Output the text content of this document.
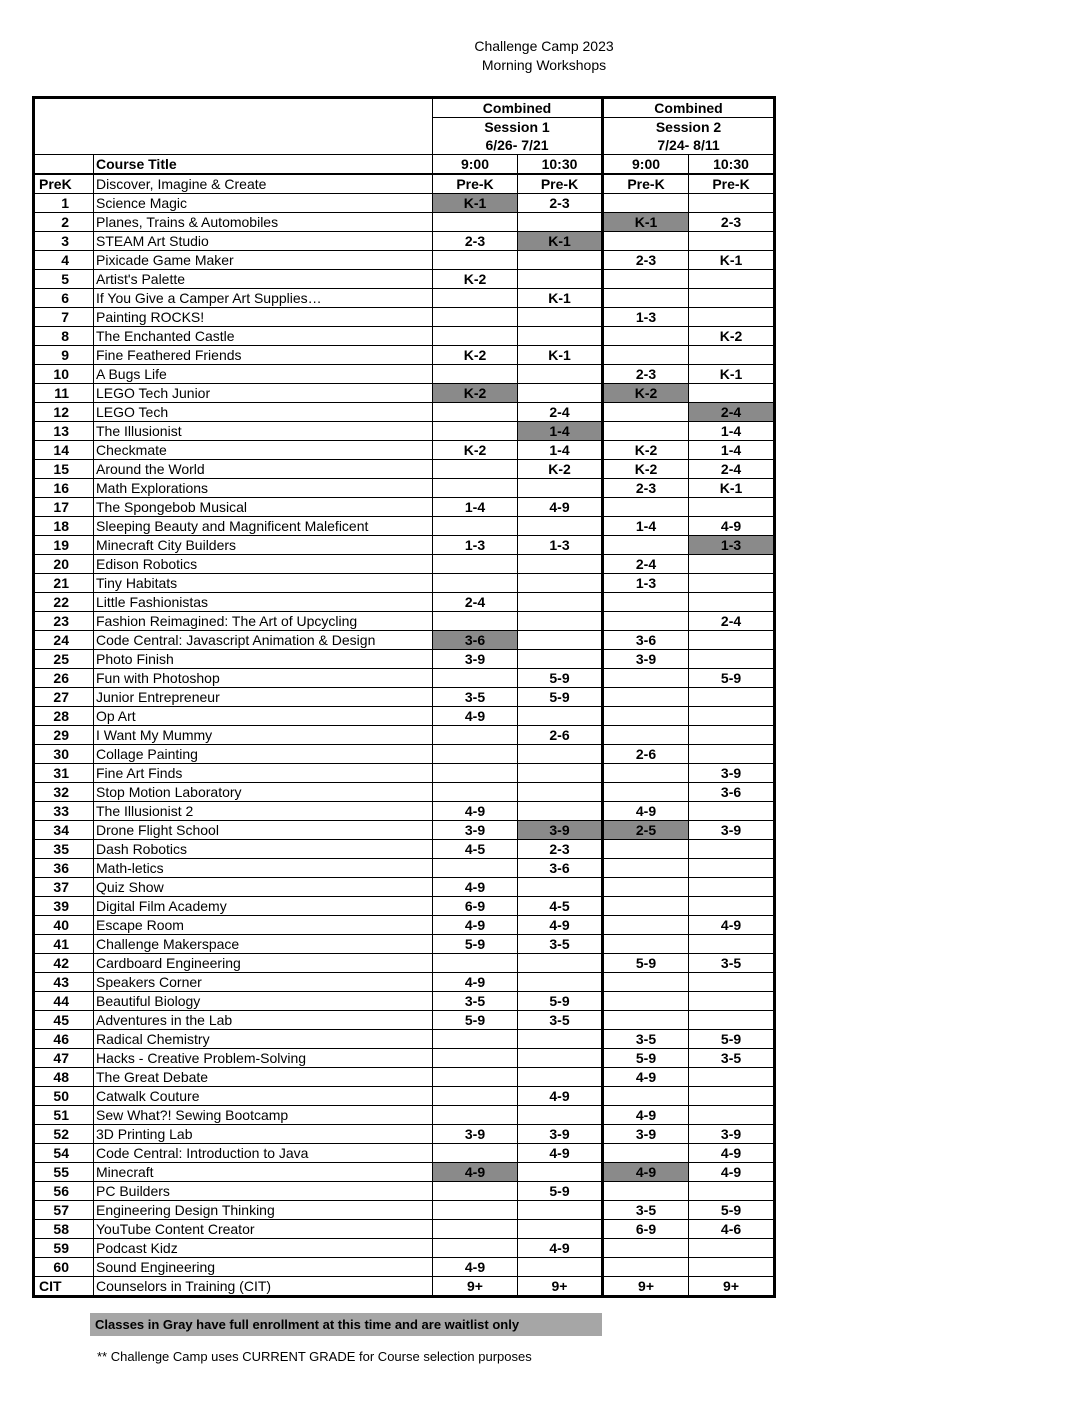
Challenge Camp 2023
Morning Workshops
		Combined		Combined	
		Session 1		Session 2	
		6/26- 7/21		7/24- 8/11	
	Course Title	9:00	10:30	9:00	10:30
PreK	Discover, Imagine & Create	Pre-K	Pre-K	Pre-K	Pre-K
1	Science Magic	K-1	2-3		
2	Planes, Trains & Automobiles			K-1	2-3
3	STEAM Art Studio	2-3	K-1		
4	Pixicade Game Maker			2-3	K-1
5	Artist's Palette	K-2			
6	If You Give a Camper Art Supplies…		K-1		
7	Painting ROCKS!			1-3	
8	The Enchanted Castle				K-2
9	Fine Feathered Friends	K-2	K-1		
10	A Bugs Life			2-3	K-1
11	LEGO Tech Junior	K-2		K-2	
12	LEGO Tech		2-4		2-4
13	The Illusionist		1-4		1-4
14	Checkmate	K-2	1-4	K-2	1-4
15	Around the World		K-2	K-2	2-4
16	Math Explorations			2-3	K-1
17	The Spongebob Musical	1-4	4-9		
18	Sleeping Beauty and Magnificent Maleficent			1-4	4-9
19	Minecraft City Builders	1-3	1-3		1-3
20	Edison Robotics			2-4	
21	Tiny Habitats			1-3	
22	Little Fashionistas	2-4			
23	Fashion Reimagined: The Art of Upcycling				2-4
24	Code Central: Javascript Animation & Design	3-6		3-6	
25	Photo Finish	3-9		3-9	
26	Fun with Photoshop		5-9		5-9
27	Junior Entrepreneur	3-5	5-9		
28	Op Art	4-9			
29	I Want My Mummy		2-6		
30	Collage Painting			2-6	
31	Fine Art Finds				3-9
32	Stop Motion Laboratory				3-6
33	The Illusionist 2	4-9		4-9	
34	Drone Flight School	3-9	3-9	2-5	3-9
35	Dash Robotics	4-5	2-3		
36	Math-letics		3-6		
37	Quiz Show	4-9			
39	Digital Film Academy	6-9	4-5		
40	Escape Room	4-9	4-9		4-9
41	Challenge Makerspace	5-9	3-5		
42	Cardboard Engineering			5-9	3-5
43	Speakers Corner	4-9			
44	Beautiful Biology	3-5	5-9		
45	Adventures in the Lab	5-9	3-5		
46	Radical Chemistry			3-5	5-9
47	Hacks - Creative Problem-Solving			5-9	3-5
48	The Great Debate			4-9	
50	Catwalk Couture		4-9		
51	Sew What?! Sewing Bootcamp			4-9	
52	3D Printing Lab	3-9	3-9	3-9	3-9
54	Code Central: Introduction to Java		4-9		4-9
55	Minecraft	4-9		4-9	4-9
56	PC Builders		5-9		
57	Engineering Design Thinking			3-5	5-9
58	YouTube Content Creator			6-9	4-6
59	Podcast Kidz		4-9		
60	Sound Engineering	4-9			
CIT	Counselors in Training (CIT)	9+	9+	9+	9+
Classes in Gray have full enrollment at this time and are waitlist only
** Challenge Camp uses CURRENT GRADE for Course selection purposes
